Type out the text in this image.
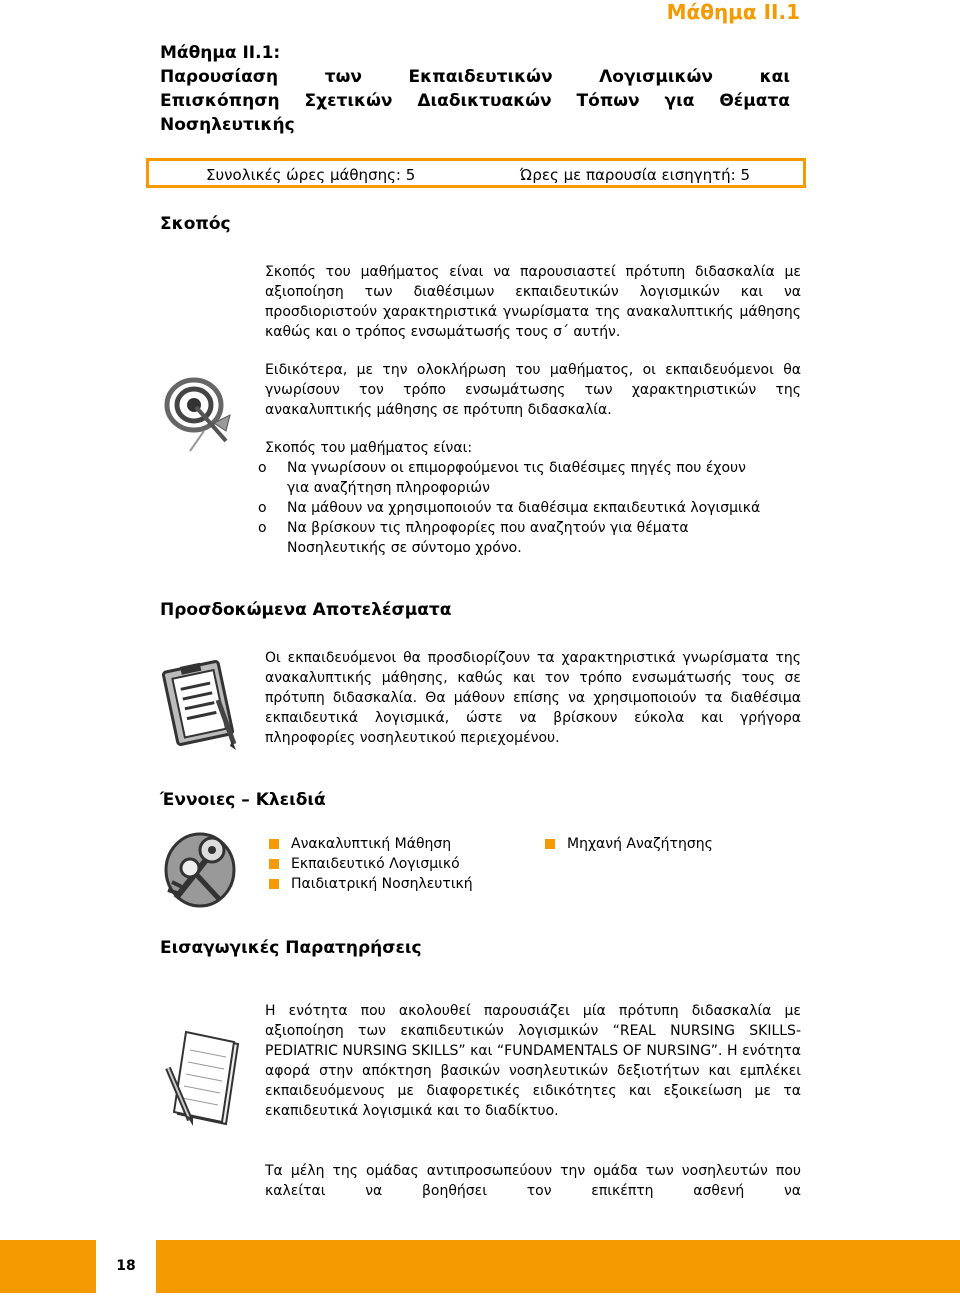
Μάθημα ΙΙ.1
Μάθημα ΙΙ.1:
Παρουσίαση των Εκπαιδευτικών Λογισμικών και
Επισκόπηση Σχετικών Διαδικτυακών Τόπων για Θέματα
Νοσηλευτικής
Συνολικές ώρες μάθησης: 5	Ώρες με παρουσία εισηγητή: 5
Σκοπός

Σκοπός του μαθήματος είναι να παρουσιαστεί πρότυπη διδασκαλία με αξιοποίηση των διαθέσιμων εκπαιδευτικών λογισμικών και να προσδιοριστούν χαρακτηριστικά γνωρίσματα της ανακαλυπτικής μάθησης καθώς και ο τρόπος ενσωμάτωσής τους σ΄ αυτήν.

Ειδικότερα, με την ολοκλήρωση του μαθήματος, οι εκπαιδευόμενοι θα γνωρίσουν τον τρόπο ενσωμάτωσης των χαρακτηριστικών της ανακαλυπτικής μάθησης σε πρότυπη διδασκαλία.

Σκοπός του μαθήματος είναι:

o Να γνωρίσουν οι επιμορφούμενοι τις διαθέσιμες πηγές που έχουν για αναζήτηση πληροφοριών
o Να μάθουν να χρησιμοποιούν τα διαθέσιμα εκπαιδευτικά λογισμικά
o Να βρίσκουν τις πληροφορίες που αναζητούν για θέματα Νοσηλευτικής σε σύντομο χρόνο.
Προσδοκώμενα Αποτελέσματα

Οι εκπαιδευόμενοι θα προσδιορίζουν τα χαρακτηριστικά γνωρίσματα της ανακαλυπτικής μάθησης, καθώς και τον τρόπο ενσωμάτωσής τους σε πρότυπη διδασκαλία. Θα μάθουν επίσης να χρησιμοποιούν τα διαθέσιμα εκπαιδευτικά λογισμικά, ώστε να βρίσκουν εύκολα και γρήγορα πληροφορίες νοσηλευτικού περιεχομένου.

Έννοιες – Κλειδιά
Ανακαλυπτική Μάθηση
Εκπαιδευτικό Λογισμικό
Παιδιατρική Νοσηλευτική
Μηχανή Αναζήτησης
Εισαγωγικές Παρατηρήσεις

Η ενότητα που ακολουθεί παρουσιάζει μία πρότυπη διδασκαλία με αξιοποίηση των εκαπιδευτικών λογισμικών “REAL NURSING SKILLS-PEDIATRIC NURSING SKILLS” και “FUNDAMENTALS OF NURSING”. Η ενότητα αφορά στην απόκτηση βασικών νοσηλευτικών δεξιοτήτων και εμπλέκει εκπαιδευόμενους με διαφορετικές ειδικότητες και εξοικείωση με τα εκαπιδευτικά λογισμικά και το διαδίκτυο.

Τα μέλη της ομάδας αντιπροσωπεύουν την ομάδα των νοσηλευτών που καλείται να βοηθήσει τον επικέπτη ασθενή να

18
